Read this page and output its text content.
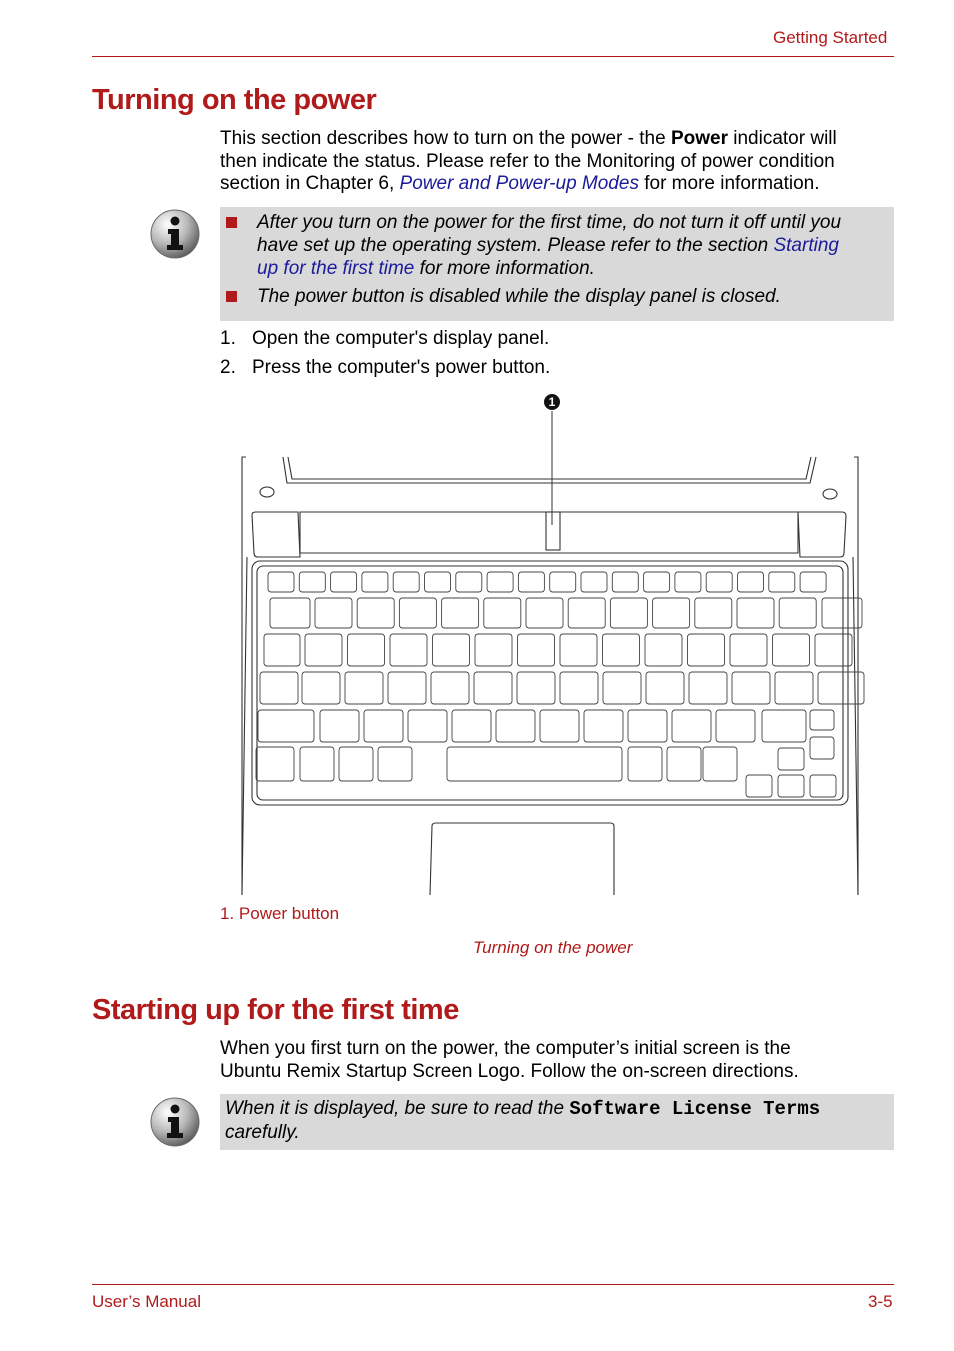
Getting Started
Turning on the power
This section describes how to turn on the power - the Power indicator will
then indicate the status. Please refer to the Monitoring of power condition
section in Chapter 6, Power and Power-up Modes for more information.
After you turn on the power for the first time, do not turn it off until you
have set up the operating system. Please refer to the section Starting
up for the first time for more information.
The power button is disabled while the display panel is closed.
1. Open the computer's display panel.
2. Press the computer's power button.
1
1. Power button
Turning on the power
Starting up for the first time
When you first turn on the power, the computer’s initial screen is the
Ubuntu Remix Startup Screen Logo. Follow the on-screen directions.
When it is displayed, be sure to read the Software License Terms
carefully.
User’s Manual	3-5
